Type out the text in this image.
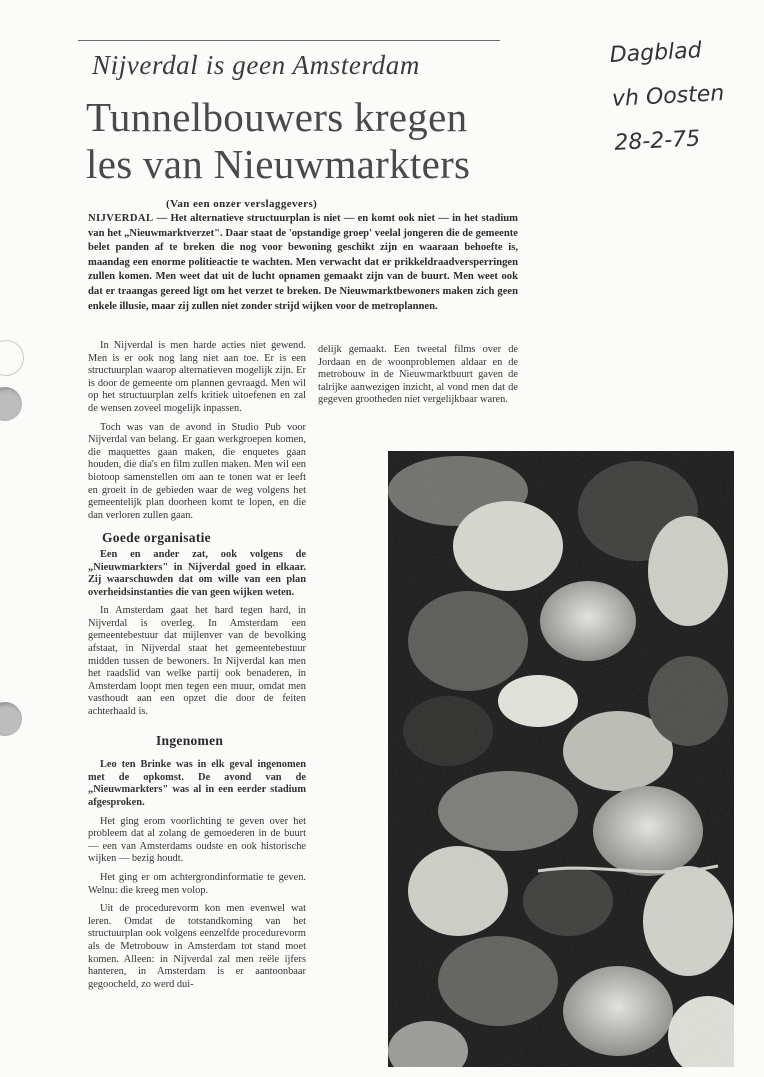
Nijverdal is geen Amsterdam
Tunnelbouwers kregen
les van Nieuwmarkters
Dagblad
vh Oosten
28-2-75
(Van een onzer verslaggevers)

NIJVERDAL — Het alternatieve structuurplan is niet — en komt ook niet — in het stadium van het „Nieuwmarktverzet". Daar staat de 'opstandige groep' veelal jongeren die de gemeente belet panden af te breken die nog voor bewoning geschikt zijn en waaraan behoefte is, maandag een enorme politieactie te wachten. Men verwacht dat er prikkeldraadversperringen zullen komen. Men weet dat uit de lucht opnamen gemaakt zijn van de buurt. Men weet ook dat er traangas gereed ligt om het verzet te breken. De Nieuwmarktbewoners maken zich geen enkele illusie, maar zij zullen niet zonder strijd wijken voor de metroplannen.

In Nijverdal is men harde acties niet gewend. Men is er ook nog lang niet aan toe. Er is een structuurplan waarop alternatieven mogelijk zijn. Er is door de gemeente om plannen gevraagd. Men wil op het structuurplan zelfs kritiek uitoefenen en zal de wensen zoveel mogelijk inpassen.

Toch was van de avond in Studio Pub voor Nijverdal van belang. Er gaan werkgroepen komen, die maquettes gaan maken, die enquetes gaan houden, die dia's en film zullen maken. Men wil een biotoop samenstellen om aan te tonen wat er leeft en groeit in de gebieden waar de weg volgens het gemeentelijk plan doorheen komt te lopen, en die dan verloren zullen gaan.

Goede organisatie

Een en ander zat, ook volgens de „Nieuwmarkters" in Nijverdal goed in elkaar. Zij waarschuwden dat om wille van een plan overheidsinstanties die van geen wijken weten.

In Amsterdam gaat het hard tegen hard, in Nijverdal is overleg. In Amsterdam een gemeentebestuur dat mijlenver van de bevolking afstaat, in Nijverdal staat het gemeentebestuur midden tussen de bewoners. In Nijverdal kan men het raadslid van welke partij ook benaderen, in Amsterdam loopt men tegen een muur, omdat men vasthoudt aan een opzet die door de feiten achterhaald is.

Ingenomen

Leo ten Brinke was in elk geval ingenomen met de opkomst. De avond van de „Nieuwmarkters" was al in een eerder stadium afgesproken.

Het ging erom voorlichting te geven over het probleem dat al zolang de gemoederen in de buurt — een van Amsterdams oudste en ook historische wijken — bezig houdt.

Het ging er om achtergrondinformatie te geven. Welnu: die kreeg men volop.

Uit de procedurevorm kon men evenwel wat leren. Omdat de totstandkoming van het structuurplan ook volgens eenzelfde procedurevorm als de Metrobouw in Amsterdam tot stand moet komen. Alleen: in Nijverdal zal men reële ijfers hanteren, in Amsterdam is er aantoonbaar gegoocheld, zo werd dui-

delijk gemaakt. Een tweetal films over de Jordaan en de woonproblemen aldaar en de metrobouw in de Nieuwmarktbuurt gaven de talrijke aanwezigen inzicht, al vond men dat de gegeven grootheden niet vergelijkbaar waren.
